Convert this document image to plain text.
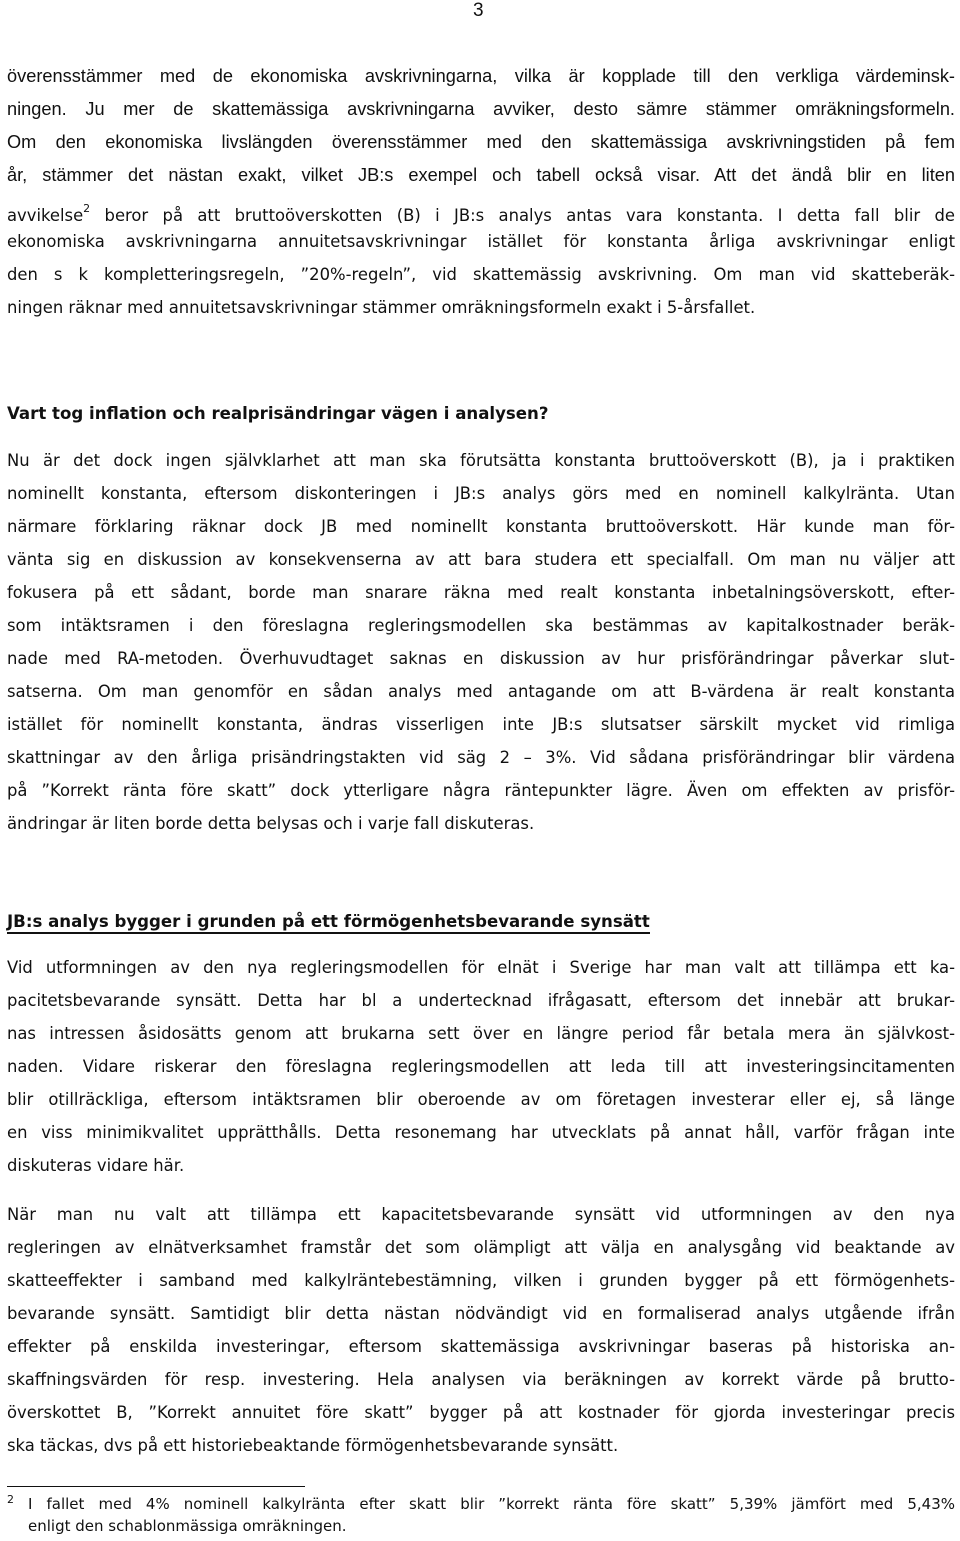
3
överensstämmer med de ekonomiska avskrivningarna, vilka är kopplade till den verkliga värdeminsk-
ningen. Ju mer de skattemässiga avskrivningarna avviker, desto sämre stämmer omräkningsformeln.
Om den ekonomiska livslängden överensstämmer med den skattemässiga avskrivningstiden på fem
år, stämmer det nästan exakt, vilket JB:s exempel och tabell också visar. Att det ändå blir en liten
avvikelse$^2$ beror på att bruttoöverskotten (B) i JB:s analys antas vara konstanta. I detta fall blir de
ekonomiska avskrivningarna annuitetsavskrivningar istället för konstanta årliga avskrivningar enligt
den s k kompletteringsregeln, ”20%-regeln”, vid skattemässig avskrivning. Om man vid skatteberäk-
ningen räknar med annuitetsavskrivningar stämmer omräkningsformeln exakt i 5-årsfallet.
Vart tog inflation och realprisändringar vägen i analysen?
Nu är det dock ingen självklarhet att man ska förutsätta konstanta bruttoöverskott (B), ja i praktiken
nominellt konstanta, eftersom diskonteringen i JB:s analys görs med en nominell kalkylränta. Utan
närmare förklaring räknar dock JB med nominellt konstanta bruttoöverskott. Här kunde man för-
vänta sig en diskussion av konsekvenserna av att bara studera ett specialfall. Om man nu väljer att
fokusera på ett sådant, borde man snarare räkna med realt konstanta inbetalningsöverskott, efter-
som intäktsramen i den föreslagna regleringsmodellen ska bestämmas av kapitalkostnader beräk-
nade med RA-metoden. Överhuvudtaget saknas en diskussion av hur prisförändringar påverkar slut-
satserna. Om man genomför en sådan analys med antagande om att B-värdena är realt konstanta
istället för nominellt konstanta, ändras visserligen inte JB:s slutsatser särskilt mycket vid rimliga
skattningar av den årliga prisändringstakten vid säg 2 – 3%. Vid sådana prisförändringar blir värdena
på ”Korrekt ränta före skatt” dock ytterligare några räntepunkter lägre. Även om effekten av prisför-
ändringar är liten borde detta belysas och i varje fall diskuteras.
JB:s analys bygger i grunden på ett förmögenhetsbevarande synsätt
Vid utformningen av den nya regleringsmodellen för elnät i Sverige har man valt att tillämpa ett ka-
pacitetsbevarande synsätt. Detta har bl a undertecknad ifrågasatt, eftersom det innebär att brukar-
nas intressen åsidosätts genom att brukarna sett över en längre period får betala mera än självkost-
naden. Vidare riskerar den föreslagna regleringsmodellen att leda till att investeringsincitamenten
blir otillräckliga, eftersom intäktsramen blir oberoende av om företagen investerar eller ej, så länge
en viss minimikvalitet upprätthålls. Detta resonemang har utvecklats på annat håll, varför frågan inte
diskuteras vidare här.
När man nu valt att tillämpa ett kapacitetsbevarande synsätt vid utformningen av den nya
regleringen av elnätverksamhet framstår det som olämpligt att välja en analysgång vid beaktande av
skatteeffekter i samband med kalkylräntebestämning, vilken i grunden bygger på ett förmögenhets-
bevarande synsätt. Samtidigt blir detta nästan nödvändigt vid en formaliserad analys utgående ifrån
effekter på enskilda investeringar, eftersom skattemässiga avskrivningar baseras på historiska an-
skaffningsvärden för resp. investering. Hela analysen via beräkningen av korrekt värde på brutto-
överskottet B, ”Korrekt annuitet före skatt” bygger på att kostnader för gjorda investeringar precis
ska täckas, dvs på ett historiebeaktande förmögenhetsbevarande synsätt.
2 I fallet med 4% nominell kalkylränta efter skatt blir ”korrekt ränta före skatt” 5,39% jämfört med 5,43%
enligt den schablonmässiga omräkningen.
